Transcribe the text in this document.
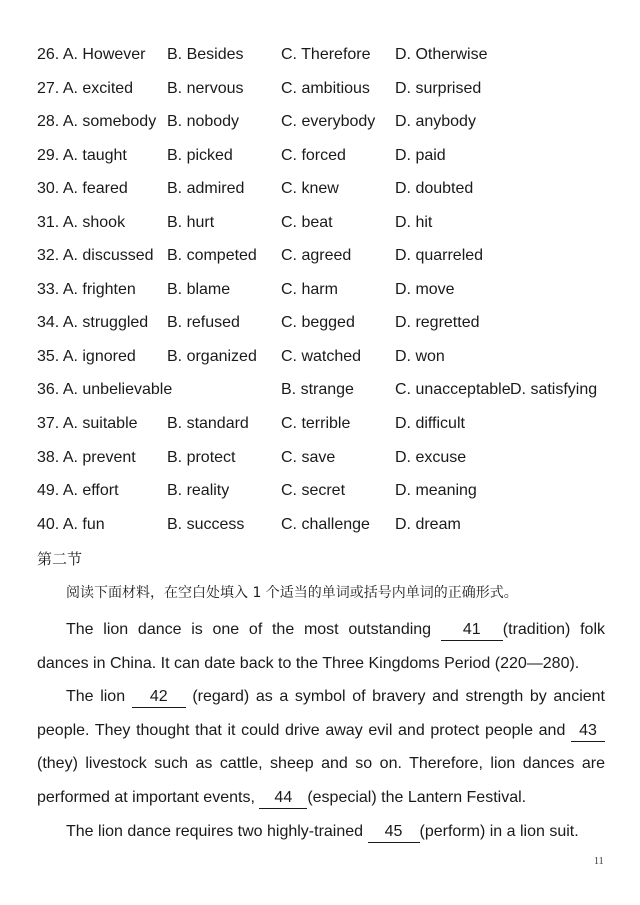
26. A. However B. Besides C. Therefore D. Otherwise
27. A. excited B. nervous C. ambitious D. surprised
28. A. somebody B. nobody	C. everybody D. anybody
29. A. taught	B. picked	C. forced	D. paid
30. A. feared B. admired C. knew	D. doubted
31. A. shook	B. hurt	C. beat	D. hit
32. A. discussed B. competed C. agreed	D. quarreled
33. A. frighten B. blame	C. harm	D. move
34. A. struggled B. refused	C. begged	D. regretted
35. A. ignored B. organized C. watched D. won
36. A. unbelievable	B. strange	C. unacceptable D. satisfying
37. A. suitable B. standard C. terrible	D. difficult
38. A. prevent B. protect	C. save	D. excuse
49. A. effort	B. reality	C. secret	D. meaning
40. A. fun	B. success C. challenge D. dream
第二节
阅读下面材料，在空白处填入 1 个适当的单词或括号内单词的正确形式。

The lion dance is one of the most outstanding 41 (tradition) folk dances in China. It can date back to the Three Kingdoms Period (220—280).

The lion 42 (regard) as a symbol of bravery and strength by ancient people. They thought that it could drive away evil and protect people and 43 (they) livestock such as cattle, sheep and so on. Therefore, lion dances are performed at important events, 44 (especial) the Lantern Festival.

The lion dance requires two highly-trained 45 (perform) in a lion suit.

11
